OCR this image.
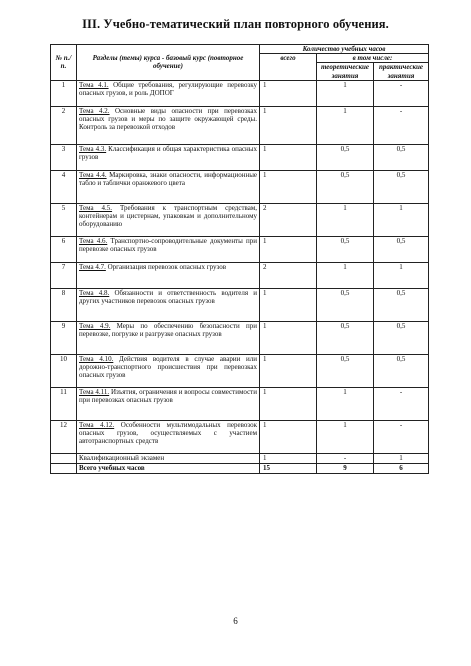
III. Учебно-тематический план повторного обучения.
№ п./п.	Разделы (темы) курса - базовый курс (повторное обучение)	Количество учебных часов		
		всего	в том числе:	
			теоретические занятия	практические занятия
1	Тема 4.1. Общие требования, регулирующие перевозку опасных грузов, и роль ДОПОГ	1	1	-
2	Тема 4.2. Основные виды опасности при перевозках опасных грузов и меры по защите окружающей среды. Контроль за перевозкой отходов	1	1	-
3	Тема 4.3. Классификация и общая характеристика опасных грузов	1	0,5	0,5
4	Тема 4.4. Маркировка, знаки опасности, информационные табло и таблички оранжевого цвета	1	0,5	0,5
5	Тема 4.5. Требования к транспортным средствам, контейнерам и цистернам, упаковкам и дополнительному оборудованию	2	1	1
6	Тема 4.6. Транспортно-сопроводительные документы при перевозке опасных грузов	1	0,5	0,5
7	Тема 4.7. Организация перевозок опасных грузов	2	1	1
8	Тема 4.8. Обязанности и ответственность водителя и других участников перевозок опасных грузов	1	0,5	0,5
9	Тема 4.9. Меры по обеспечению безопасности при перевозке, погрузке и разгрузке опасных грузов	1	0,5	0,5
10	Тема 4.10. Действия водителя в случае аварии или дорожно-транспортного происшествия при перевозках опасных грузов	1	0,5	0,5
11	Тема 4.11. Изъятия, ограничения и вопросы совместимости при перевозках опасных грузов	1	1	-
12	Тема 4.12. Особенности мультимодальных перевозок опасных грузов, осуществляемых с участием автотранспортных средств	1	1	-
	Квалификационный экзамен	1	-	1
	Всего учебных часов	15	9	6
6
